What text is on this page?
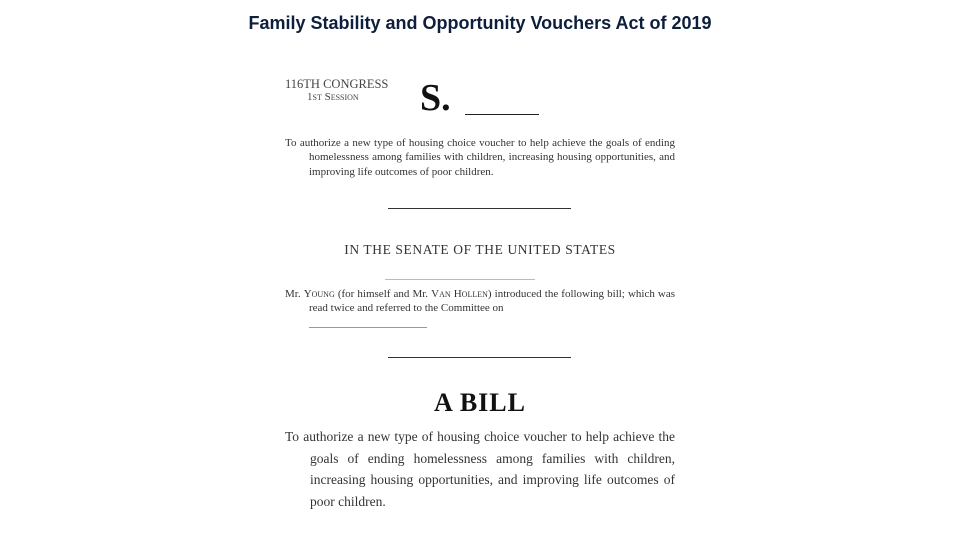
Family Stability and Opportunity Vouchers Act of 2019
116TH CONGRESS
1st Session	S.
To authorize a new type of housing choice voucher to help achieve the goals of ending homelessness among families with children, increasing housing opportunities, and improving life outcomes of poor children.
IN THE SENATE OF THE UNITED STATES
Mr. Young (for himself and Mr. Van Hollen) introduced the following bill; which was read twice and referred to the Committee on
A BILL
To authorize a new type of housing choice voucher to help achieve the goals of ending homelessness among families with children, increasing housing opportunities, and improving life outcomes of poor children.
